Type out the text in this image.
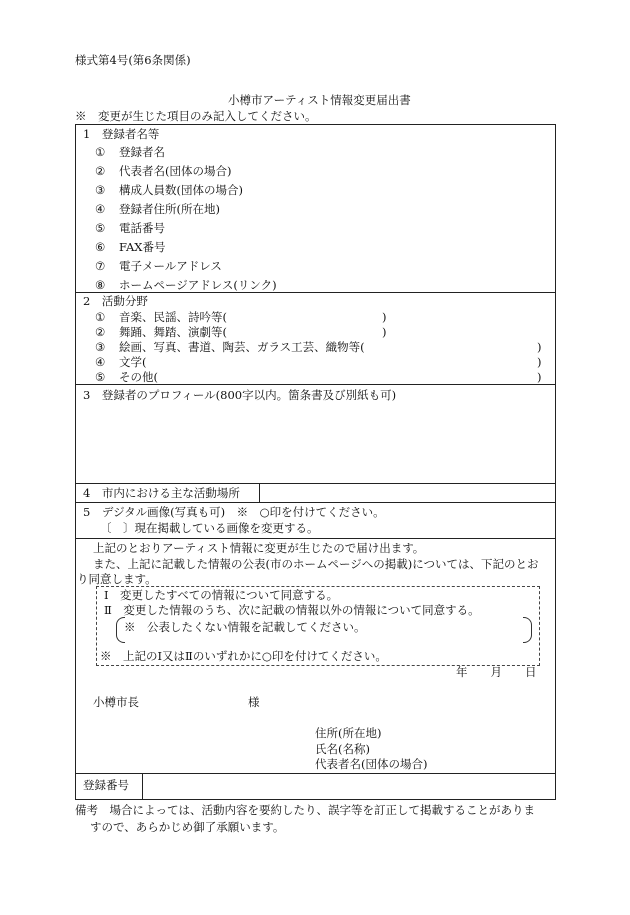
様式第4号(第6条関係)
小樽市アーティスト情報変更届出書
※　変更が生じた項目のみ記入してください。
1　登録者名等
① 登録者名
② 代表者名(団体の場合)
③ 構成人員数(団体の場合)
④ 登録者住所(所在地)
⑤ 電話番号
⑥ FAX番号
⑦ 電子メールアドレス
⑧ ホームページアドレス(リンク)
2　活動分野
① 音楽、民謡、詩吟等(	)
② 舞踊、舞踏、演劇等(	)
③ 絵画、写真、書道、陶芸、ガラス工芸、織物等(	)
④ 文学(	)
⑤ その他(	)
3　登録者のプロフィール(800字以内。箇条書及び別紙も可)
4　市内における主な活動場所
5　デジタル画像(写真も可)　※　○印を付けてください。
〔　〕現在掲載している画像を変更する。
上記のとおりアーティスト情報に変更が生じたので届け出ます。
また、上記に記載した情報の公表(市のホームページへの掲載)については、下記のとお
り同意します。
Ⅰ　変更したすべての情報について同意する。
Ⅱ　変更した情報のうち、次に記載の情報以外の情報について同意する。
※　公表したくない情報を記載してください。
※　上記のⅠ又はⅡのいずれかに○印を付けてください。
年　　月　　日
小樽市長	様
住所(所在地)
氏名(名称)
代表者名(団体の場合)
登録番号
備考　場合によっては、活動内容を要約したり、誤字等を訂正して掲載することがありま
すので、あらかじめ御了承願います。
